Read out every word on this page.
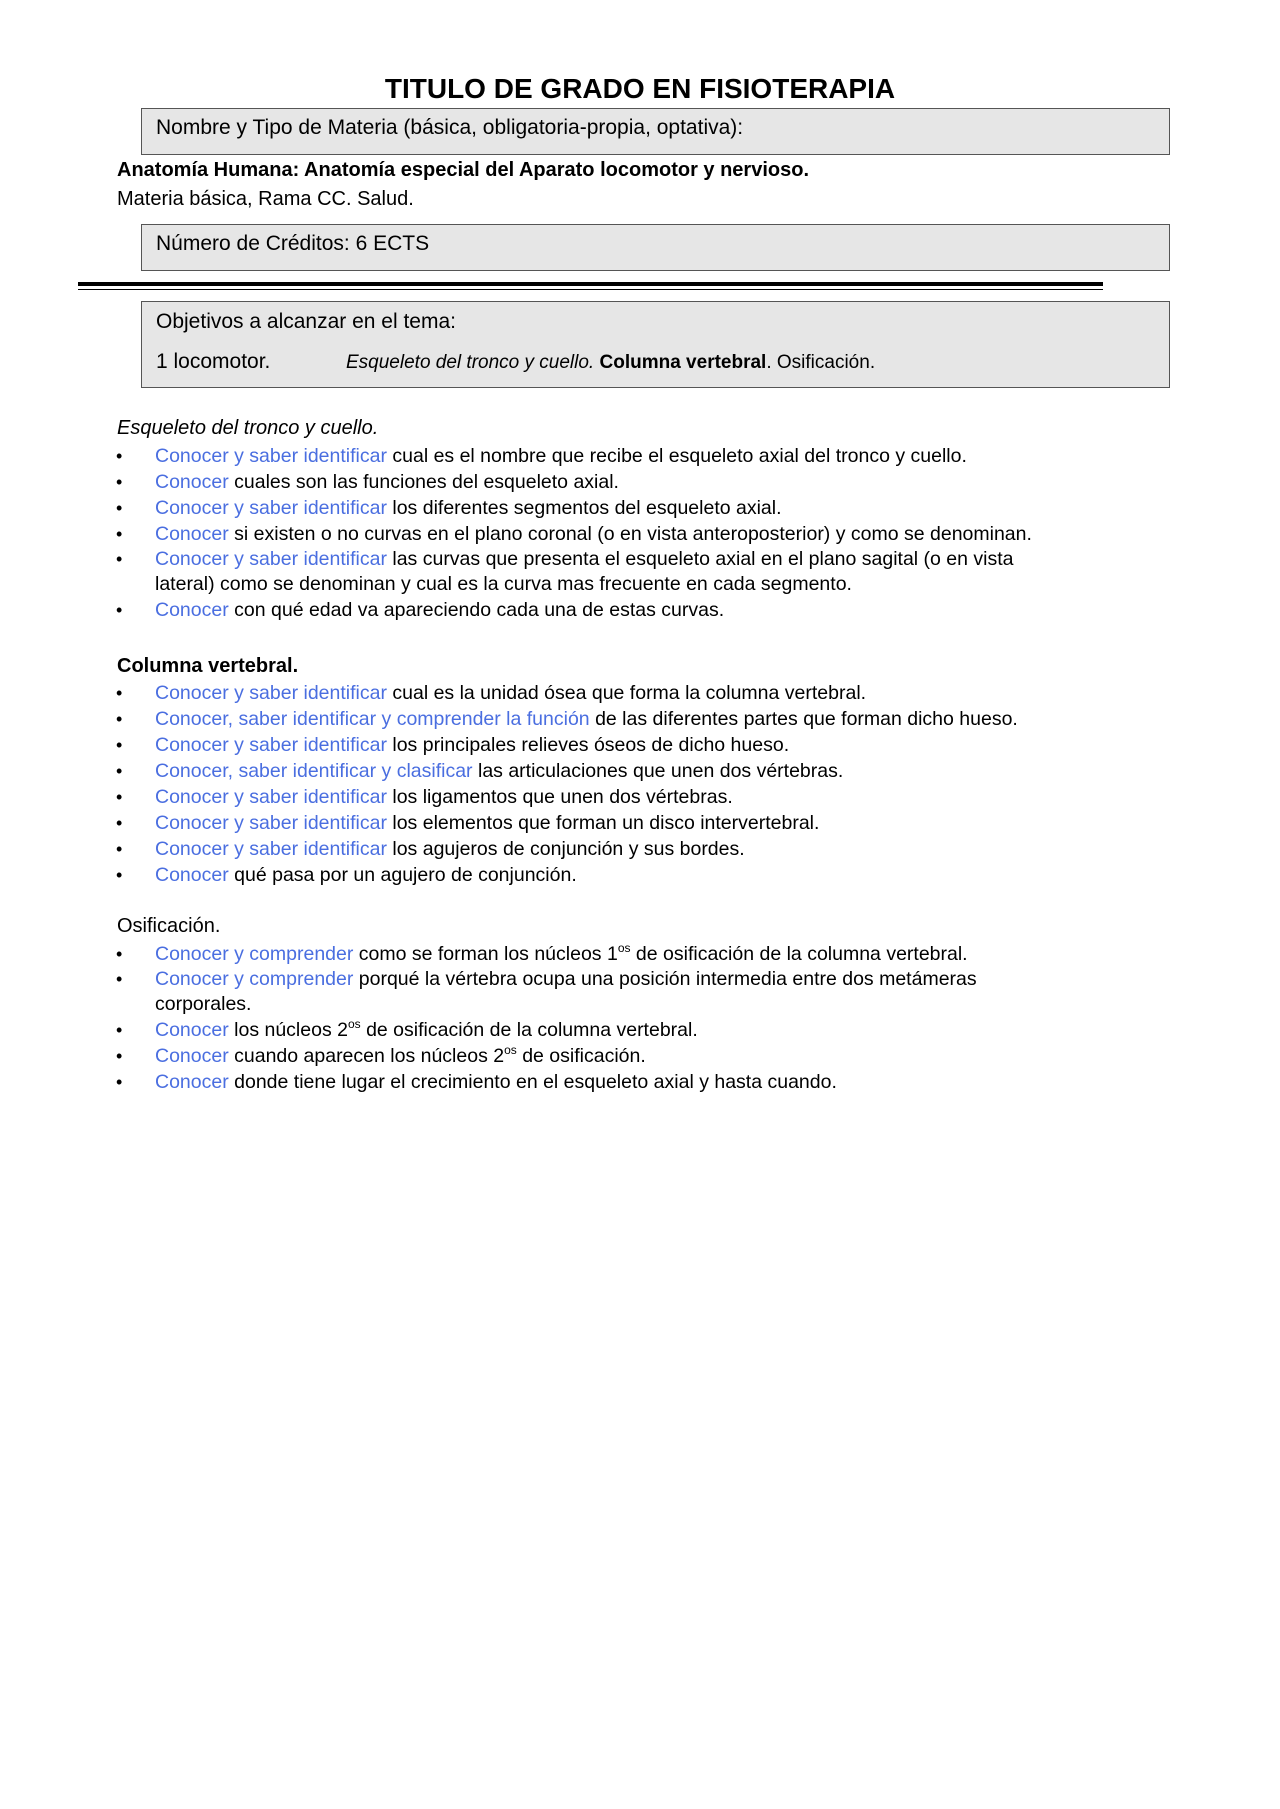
TITULO DE GRADO EN FISIOTERAPIA
Nombre y Tipo de Materia (básica, obligatoria-propia, optativa):
Anatomía Humana: Anatomía especial del Aparato locomotor y nervioso.
Materia básica, Rama CC. Salud.
Número de Créditos: 6 ECTS
Objetivos a alcanzar en el tema:
1 locomotor.	Esqueleto del tronco y cuello. Columna vertebral. Osificación.
Esqueleto del tronco y cuello.
• Conocer y saber identificar cual es el nombre que recibe el esqueleto axial del tronco y cuello.
• Conocer cuales son las funciones del esqueleto axial.
• Conocer y saber identificar los diferentes segmentos del esqueleto axial.
• Conocer si existen o no curvas en el plano coronal (o en vista anteroposterior) y como se denominan.
• Conocer y saber identificar las curvas que presenta el esqueleto axial en el plano sagital (o en vista
lateral) como se denominan y cual es la curva mas frecuente en cada segmento.
• Conocer con qué edad va apareciendo cada una de estas curvas.
Columna vertebral.
• Conocer y saber identificar cual es la unidad ósea que forma la columna vertebral.
• Conocer, saber identificar y comprender la función de las diferentes partes que forman dicho hueso.
• Conocer y saber identificar los principales relieves óseos de dicho hueso.
• Conocer, saber identificar y clasificar las articulaciones que unen dos vértebras.
• Conocer y saber identificar los ligamentos que unen dos vértebras.
• Conocer y saber identificar los elementos que forman un disco intervertebral.
• Conocer y saber identificar los agujeros de conjunción y sus bordes.
• Conocer qué pasa por un agujero de conjunción.
Osificación.
• Conocer y comprender como se forman los núcleos $1^{os}$ de osificación de la columna vertebral.
• Conocer y comprender porqué la vértebra ocupa una posición intermedia entre dos metámeras
corporales.
• Conocer los núcleos $2^{os}$ de osificación de la columna vertebral.
• Conocer cuando aparecen los núcleos $2^{os}$ de osificación.
• Conocer donde tiene lugar el crecimiento en el esqueleto axial y hasta cuando.
